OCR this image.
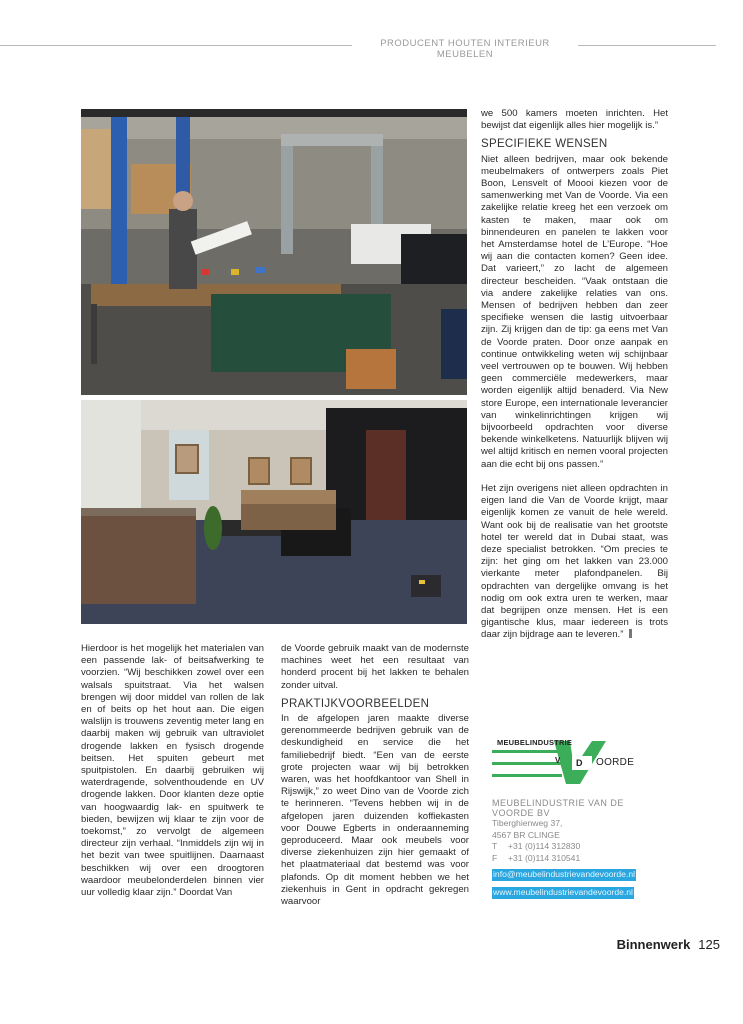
PRODUCENT HOUTEN INTERIEUR MEUBELEN

Hierdoor is het mogelijk het materialen van een passende lak- of beitsafwerking te voorzien. “Wij beschikken zowel over een walsals spuitstraat. Via het walsen brengen wij door middel van rollen de lak en of beits op het hout aan. Die eigen walslijn is trouwens zeventig meter lang en daarbij maken wij gebruik van ultraviolet drogende lakken en fysisch drogende beitsen. Het spuiten gebeurt met spuitpistolen. En daarbij gebruiken wij waterdragende, solventhoudende en UV drogende lakken. Door klanten deze optie van hoogwaardig lak- en spuitwerk te bieden, bewijzen wij klaar te zijn voor de toekomst,” zo vervolgt de algemeen directeur zijn verhaal. “Inmiddels zijn wij in het bezit van twee spuitlijnen. Daarnaast beschikken wij over een droogtoren waardoor meubelonderdelen binnen vier uur volledig klaar zijn.” Doordat Van

de Voorde gebruik maakt van de modernste machines weet het een resultaat van honderd procent bij het lakken te behalen zonder uitval.

PRAKTIJKVOORBEELDEN

In de afgelopen jaren maakte diverse gerenommeerde bedrijven gebruik van de deskundigheid en service die het familiebedrijf biedt. “Een van de eerste grote projecten waar wij bij betrokken waren, was het hoofdkantoor van Shell in Rijswijk,” zo weet Dino van de Voorde zich te herinneren. “Tevens hebben wij in de afgelopen jaren duizenden koffiekasten voor Douwe Egberts in onderaanneming geproduceerd. Maar ook meubels voor diverse ziekenhuizen zijn hier gemaakt of het plaatmateriaal dat bestemd was voor plafonds. Op dit moment hebben we het ziekenhuis in Gent in opdracht gekregen waarvoor

we 500 kamers moeten inrichten. Het bewijst dat eigenlijk alles hier mogelijk is.”

SPECIFIEKE WENSEN

Niet alleen bedrijven, maar ook bekende meubelmakers of ontwerpers zoals Piet Boon, Lensvelt of Moooi kiezen voor de samenwerking met Van de Voorde. Via een zakelijke relatie kreeg het een verzoek om kasten te maken, maar ook om binnendeuren en panelen te lakken voor het Amsterdamse hotel de L’Europe. “Hoe wij aan die contacten komen? Geen idee. Dat varieert,” zo lacht de algemeen directeur bescheiden. “Vaak ontstaan die via andere zakelijke relaties van ons. Mensen of bedrijven hebben dan zeer specifieke wensen die lastig uitvoerbaar zijn. Zij krijgen dan de tip: ga eens met Van de Voorde praten. Door onze aanpak en continue ontwikkeling weten wij schijnbaar veel vertrouwen op te bouwen. Wij hebben geen commerciële medewerkers, maar worden eigenlijk altijd benaderd. Via New store Europe, een internationale leverancier van winkelinrichtingen krijgen wij bijvoorbeeld opdrachten voor diverse bekende winkelketens. Natuurlijk blijven wij wel altijd kritisch en nemen vooral projecten aan die echt bij ons passen.”

Het zijn overigens niet alleen opdrachten in eigen land die Van de Voorde krijgt, maar eigenlijk komen ze vanuit de hele wereld. Want ook bij de realisatie van het grootste hotel ter wereld dat in Dubai staat, was deze specialist betrokken. “Om precies te zijn: het ging om het lakken van 23.000 vierkante meter plafondpanelen. Bij opdrachten van dergelijke omvang is het nodig om ook extra uren te werken, maar dat begrijpen onze mensen. Het is een gigantische klus, maar iedereen is trots daar zijn bijdrage aan te leveren.”

MEUBELINDUSTRIE
V D OORDE
MEUBELINDUSTRIE VAN DE VOORDE BV
Tiberghienweg 37,
4567 BR CLINGE
T +31 (0)114 312830
F +31 (0)114 310541
info@meubelindustrievandevoorde.nl
www.meubelindustrievandevoorde.nl
Binnenwerk 125
